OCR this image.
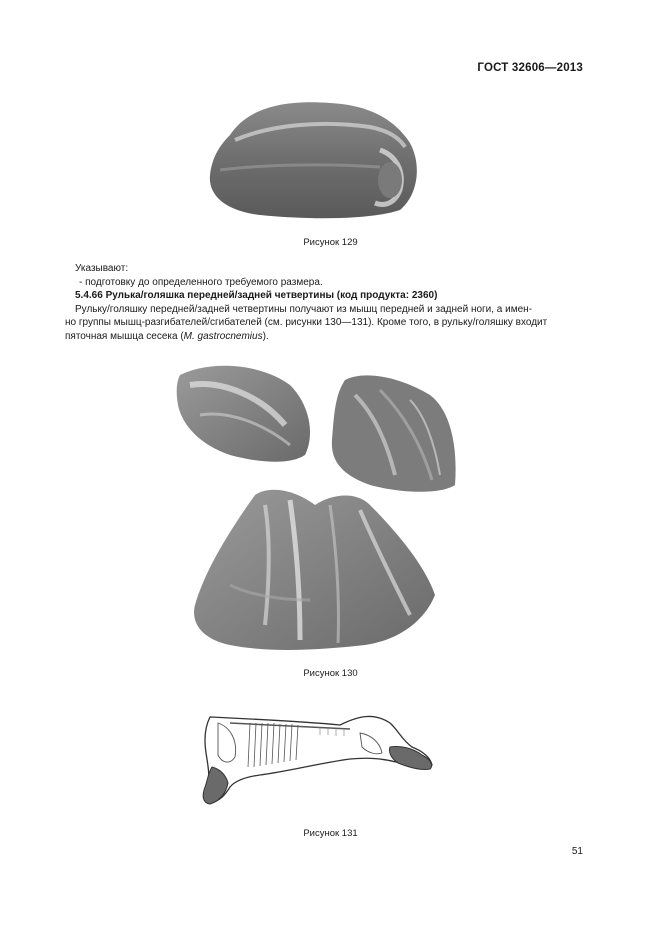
ГОСТ 32606—2013
Рисунок 129

Указывают:

- подготовку до определенного требуемого размера.

5.4.66 Рулька/голяшка передней/задней четвертины (код продукта: 2360)

Рульку/голяшку передней/задней четвертины получают из мышц передней и задней ноги, а имен-

но группы мышц-разгибателей/сгибателей (см. рисунки 130—131). Кроме того, в рульку/голяшку входит

пяточная мышца сесека (M. gastrocnemius).

Рисунок 130
Рисунок 131
51
